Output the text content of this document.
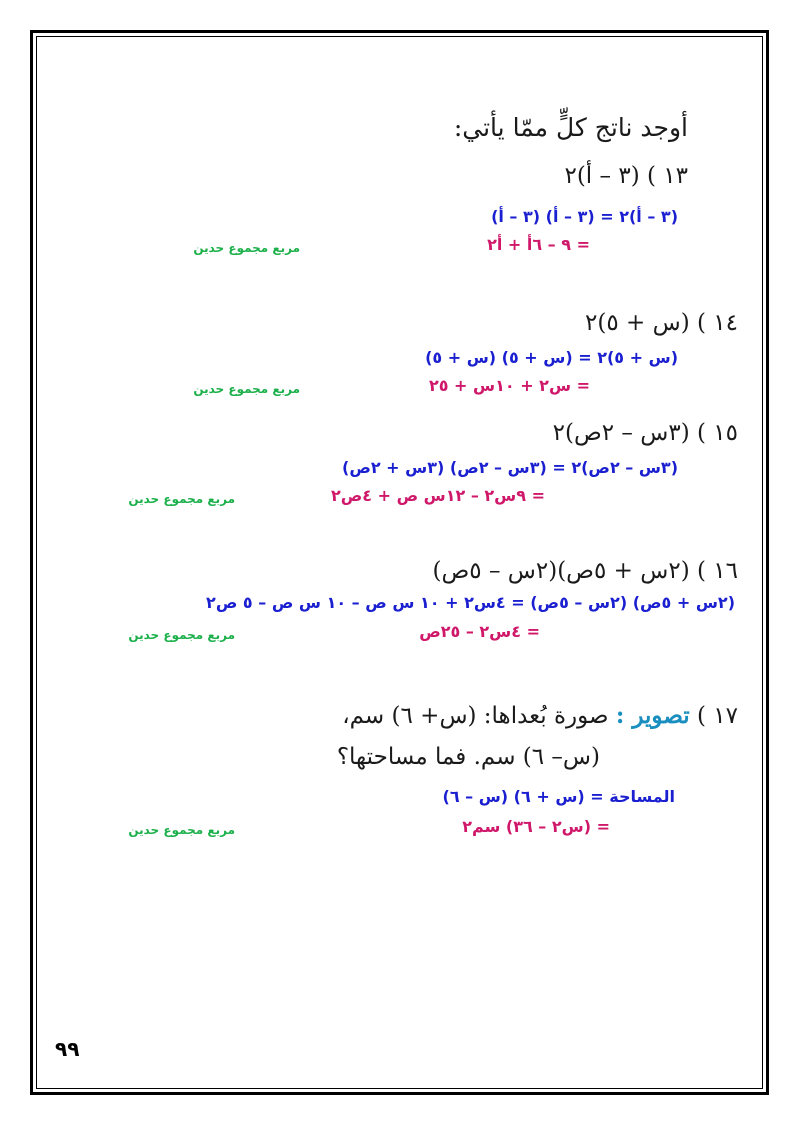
أوجد ناتج كلٍّ ممّا يأتي:
١٣ ) (٣ – أ)٢
(٣ – أ)٢ = (٣ – أ) (٣ – أ)
= ٩ – ٦أ + أ٢
مربع مجموع حدين
١٤ ) (س + ٥)٢
(س + ٥)٢ = (س + ٥) (س + ٥)
= س٢ + ١٠س + ٢٥
مربع مجموع حدين
١٥ ) (٣س – ٢ص)٢
(٣س – ٢ص)٢ = (٣س – ٢ص) (٣س + ٢ص)
= ٩س٢ – ١٢س ص + ٤ص٢
مربع مجموع حدين
١٦ ) (٢س + ٥ص)(٢س – ٥ص)
(٢س + ٥ص) (٢س – ٥ص) = ٤س٢ + ١٠ س ص – ١٠ س ص – ٥ ص٢
= ٤س٢ – ٢٥ص
مربع مجموع حدين
١٧ ) تصوير : صورة بُعداها: (س+ ٦) سم،
(س– ٦) سم. فما مساحتها؟
المساحة = (س + ٦) (س – ٦)
= (س٢ – ٣٦) سم٢
مربع مجموع حدين
٩٩
